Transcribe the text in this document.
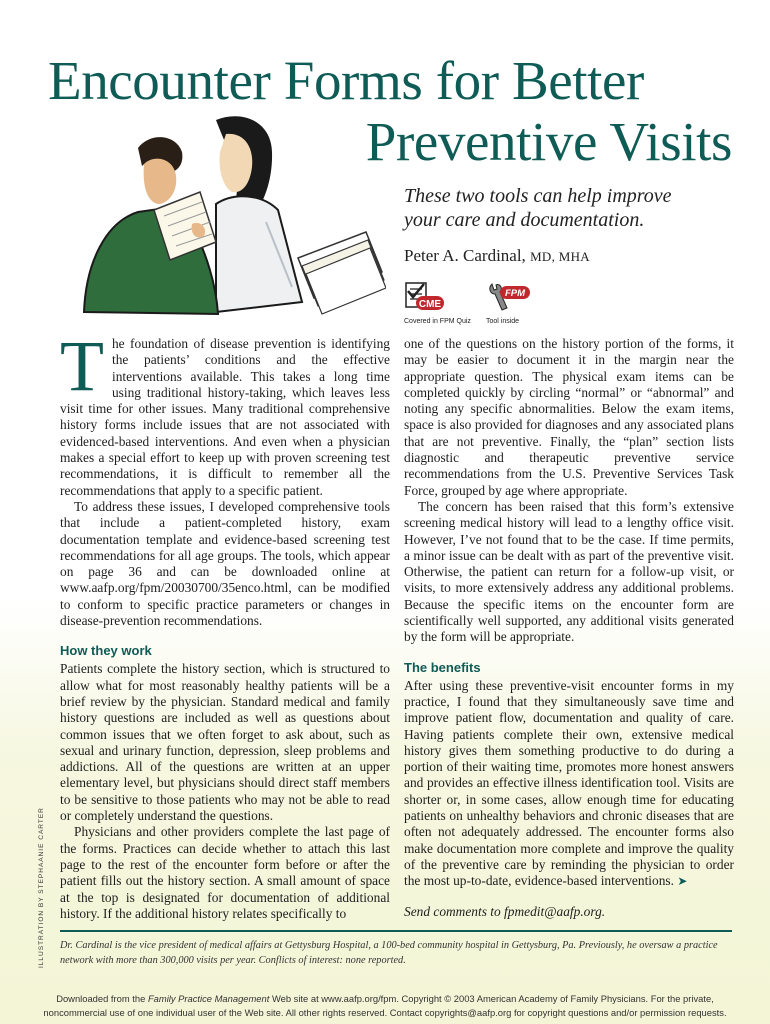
Encounter Forms for Better
Preventive Visits
These two tools can help improve
your care and documentation.
Peter A. Cardinal, MD, MHA
CME
Covered in FPM Quiz
FPM
Tool inside

The foundation of disease prevention is identifying the patients’ conditions and the effective interventions available. This takes a long time using traditional history-taking, which leaves less visit time for other issues. Many traditional comprehensive history forms include issues that are not associated with evidenced-based interventions. And even when a physician makes a special effort to keep up with proven screening test recommendations, it is difficult to remember all the recommendations that apply to a specific patient.

To address these issues, I developed comprehensive tools that include a patient-completed history, exam documentation template and evidence-based screening test recommendations for all age groups. The tools, which appear on page 36 and can be downloaded online at www.aafp.org/fpm/20030700/35enco.html, can be modified to conform to specific practice parameters or changes in disease-prevention recommendations.

How they work

Patients complete the history section, which is structured to allow what for most reasonably healthy patients will be a brief review by the physician. Standard medical and family history questions are included as well as questions about common issues that we often forget to ask about, such as sexual and urinary function, depression, sleep problems and addictions. All of the questions are written at an upper elementary level, but physicians should direct staff members to be sensitive to those patients who may not be able to read or completely understand the questions.

Physicians and other providers complete the last page of the forms. Practices can decide whether to attach this last page to the rest of the encounter form before or after the patient fills out the history section. A small amount of space at the top is designated for documentation of additional history. If the additional history relates specifically to

one of the questions on the history portion of the forms, it may be easier to document it in the margin near the appropriate question. The physical exam items can be completed quickly by circling “normal” or “abnormal” and noting any specific abnormalities. Below the exam items, space is also provided for diagnoses and any associated plans that are not preventive. Finally, the “plan” section lists diagnostic and therapeutic preventive service recommendations from the U.S. Preventive Services Task Force, grouped by age where appropriate.

The concern has been raised that this form’s extensive screening medical history will lead to a lengthy office visit. However, I’ve not found that to be the case. If time permits, a minor issue can be dealt with as part of the preventive visit. Otherwise, the patient can return for a follow-up visit, or visits, to more extensively address any additional problems. Because the specific items on the encounter form are scientifically well supported, any additional visits generated by the form will be appropriate.

The benefits

After using these preventive-visit encounter forms in my practice, I found that they simultaneously save time and improve patient flow, documentation and quality of care. Having patients complete their own, extensive medical history gives them something productive to do during a portion of their waiting time, promotes more honest answers and provides an effective illness identification tool. Visits are shorter or, in some cases, allow enough time for educating patients on unhealthy behaviors and chronic diseases that are often not adequately addressed. The encounter forms also make documentation more complete and improve the quality of the preventive care by reminding the physician to order the most up-to-date, evidence-based interventions. ➤

Send comments to fpmedit@aafp.org.

Dr. Cardinal is the vice president of medical affairs at Gettysburg Hospital, a 100-bed community hospital in Gettysburg, Pa. Previously, he oversaw a practice network with more than 300,000 visits per year. Conflicts of interest: none reported.
ILLUSTRATION BY STEPHAANIE CARTER
Downloaded from the Family Practice Management Web site at www.aafp.org/fpm. Copyright © 2003 American Academy of Family Physicians. For the private,
noncommercial use of one individual user of the Web site. All other rights reserved. Contact copyrights@aafp.org for copyright questions and/or permission requests.
